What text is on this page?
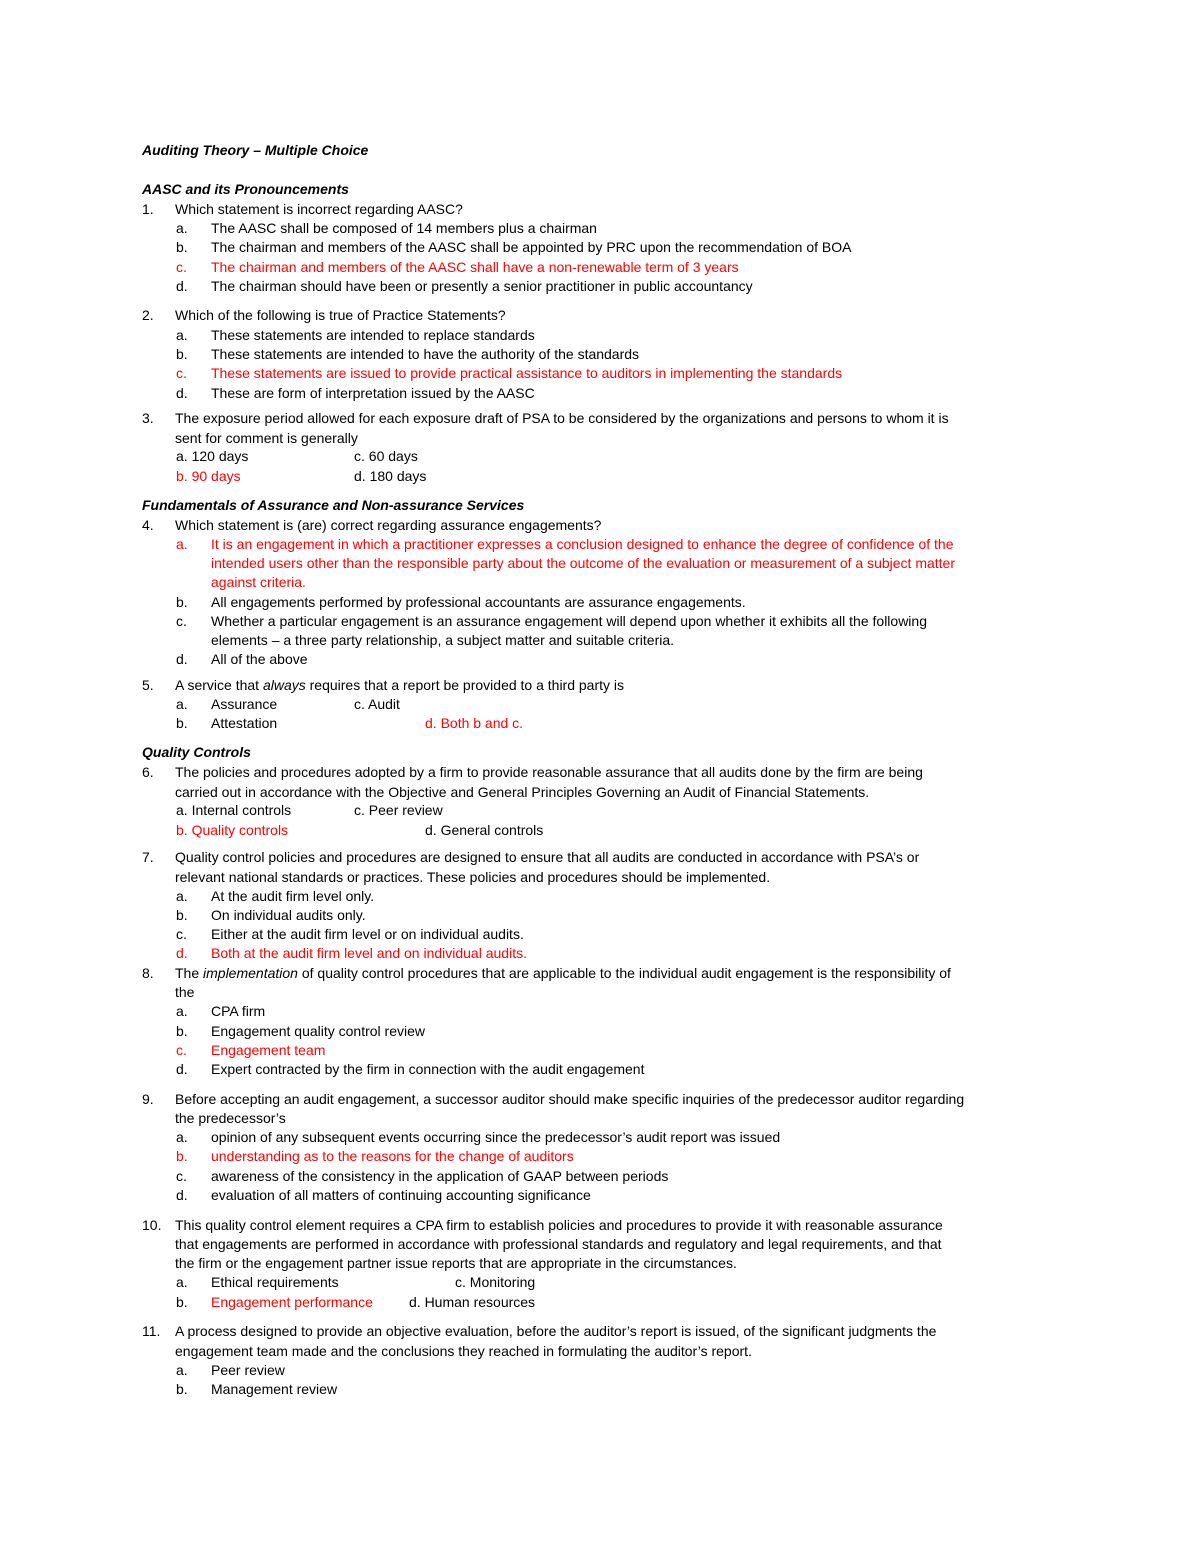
Auditing Theory – Multiple Choice
AASC and its Pronouncements
1. Which statement is incorrect regarding AASC?
a. The AASC shall be composed of 14 members plus a chairman
b. The chairman and members of the AASC shall be appointed by PRC upon the recommendation of BOA
c. The chairman and members of the AASC shall have a non-renewable term of 3 years
d. The chairman should have been or presently a senior practitioner in public accountancy
2. Which of the following is true of Practice Statements?
a. These statements are intended to replace standards
b. These statements are intended to have the authority of the standards
c. These statements are issued to provide practical assistance to auditors in implementing the standards
d. These are form of interpretation issued by the AASC
3. The exposure period allowed for each exposure draft of PSA to be considered by the organizations and persons to whom it is
sent for comment is generally
a. 120 days	c. 60 days
b. 90 days	d. 180 days
Fundamentals of Assurance and Non-assurance Services
4. Which statement is (are) correct regarding assurance engagements?
a. It is an engagement in which a practitioner expresses a conclusion designed to enhance the degree of confidence of the
intended users other than the responsible party about the outcome of the evaluation or measurement of a subject matter
against criteria.
b. All engagements performed by professional accountants are assurance engagements.
c. Whether a particular engagement is an assurance engagement will depend upon whether it exhibits all the following
elements – a three party relationship, a subject matter and suitable criteria.
d. All of the above
5. A service that always requires that a report be provided to a third party is
a. Assurance	c. Audit
b. Attestation	d. Both b and c.
Quality Controls
6. The policies and procedures adopted by a firm to provide reasonable assurance that all audits done by the firm are being
carried out in accordance with the Objective and General Principles Governing an Audit of Financial Statements.
a. Internal controls	c. Peer review
b. Quality controls	d. General controls
7. Quality control policies and procedures are designed to ensure that all audits are conducted in accordance with PSA’s or
relevant national standards or practices. These policies and procedures should be implemented.
a. At the audit firm level only.
b. On individual audits only.
c. Either at the audit firm level or on individual audits.
d. Both at the audit firm level and on individual audits.
8. The implementation of quality control procedures that are applicable to the individual audit engagement is the responsibility of
the
a. CPA firm
b. Engagement quality control review
c. Engagement team
d. Expert contracted by the firm in connection with the audit engagement
9. Before accepting an audit engagement, a successor auditor should make specific inquiries of the predecessor auditor regarding
the predecessor’s
a. opinion of any subsequent events occurring since the predecessor’s audit report was issued
b. understanding as to the reasons for the change of auditors
c. awareness of the consistency in the application of GAAP between periods
d. evaluation of all matters of continuing accounting significance
10. This quality control element requires a CPA firm to establish policies and procedures to provide it with reasonable assurance
that engagements are performed in accordance with professional standards and regulatory and legal requirements, and that
the firm or the engagement partner issue reports that are appropriate in the circumstances.
a. Ethical requirements	c. Monitoring
b. Engagement performance	d. Human resources
11. A process designed to provide an objective evaluation, before the auditor’s report is issued, of the significant judgments the
engagement team made and the conclusions they reached in formulating the auditor’s report.
a. Peer review
b. Management review
